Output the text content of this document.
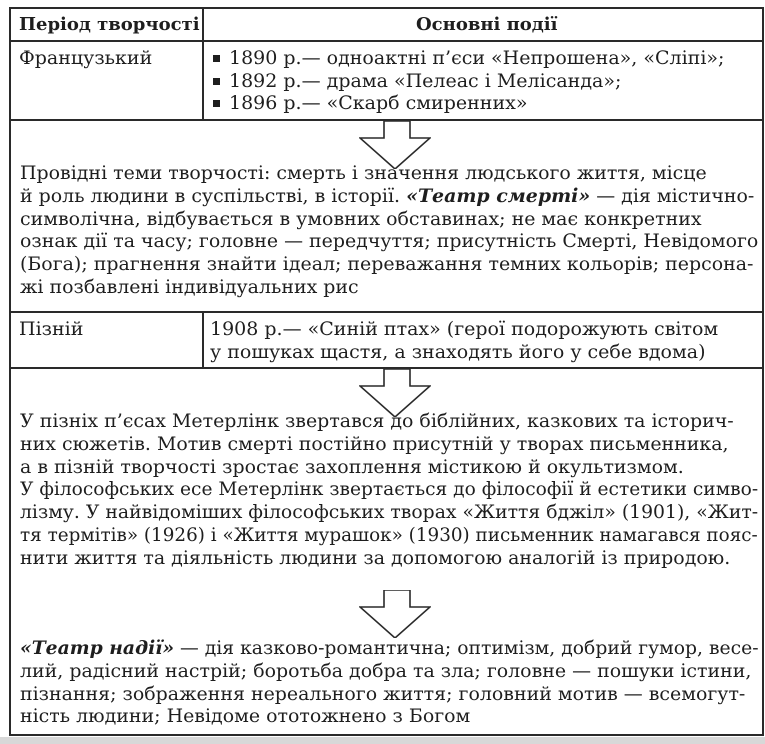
Період творчості	Основні події
Французький	1890 р.— одноактні п’єси «Непрошена», «Сліпі»;
1892 р.— драма «Пелеас і Мелісанда»;
1896 р.— «Скарб смиренних»
Провідні теми творчості: смерть і значення людського життя, місце
й роль людини в суспільстві, в історії. «Театр смерті» — дія містично-
символічна, відбувається в умовних обставинах; не має конкретних
ознак дії та часу; головне — передчуття; присутність Смерті, Невідомого
(Бога); прагнення знайти ідеал; переважання темних кольорів; персона-
жі позбавлені індивідуальних рис
Пізній	1908 р.— «Синій птах» (герої подорожують світом
у пошуках щастя, а знаходять його у себе вдома)
У пізніх п’єсах Метерлінк звертався до біблійних, казкових та історич-
них сюжетів. Мотив смерті постійно присутній у творах письменника,
а в пізній творчості зростає захоплення містикою й окультизмом.
У філософських есе Метерлінк звертається до філософії й естетики симво-
лізму. У найвідоміших філософських творах «Життя бджіл» (1901), «Жит-
тя термітів» (1926) і «Життя мурашок» (1930) письменник намагався пояс-
нити життя та діяльність людини за допомогою аналогій із природою.
«Театр надії» — дія казково-романтична; оптимізм, добрий гумор, весе-
лий, радісний настрій; боротьба добра та зла; головне — пошуки істини,
пізнання; зображення нереального життя; головний мотив — всемогут-
ність людини; Невідоме ототожнено з Богом
